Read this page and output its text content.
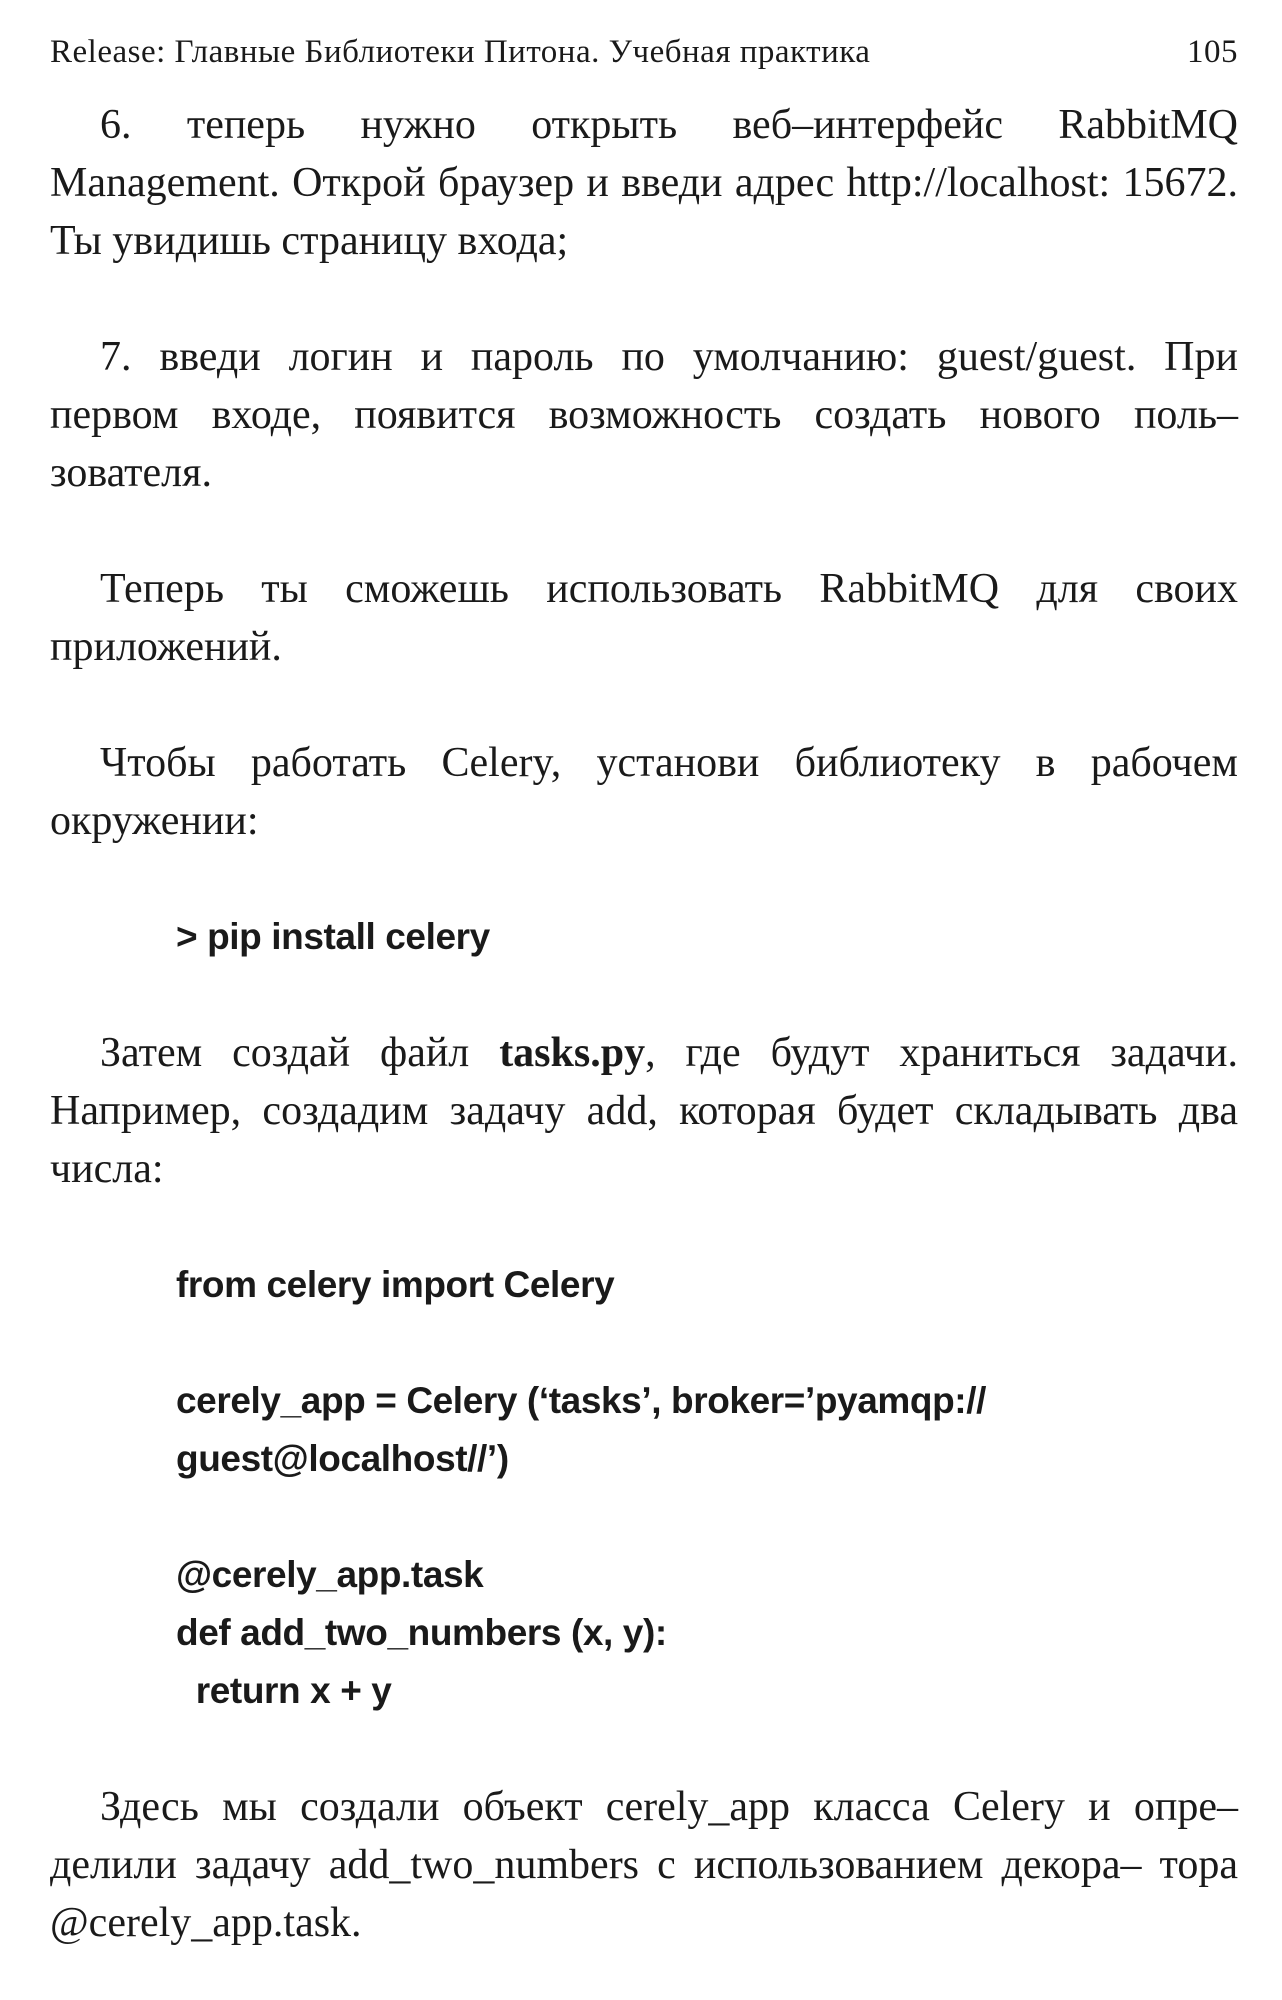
Release: Главные Библиотеки Питона. Учебная практика	105

6. теперь нужно открыть веб–интерфейс RabbitMQ Management. Открой браузер и введи адрес http://localhost: 15672. Ты увидишь страницу входа;

7. введи логин и пароль по умолчанию: guest/guest. При первом входе, появится возможность создать нового поль– зователя.

Теперь ты сможешь использовать RabbitMQ для своих приложений.

Чтобы работать Celery, установи библиотеку в рабочем окружении:

> pip install celery

Затем создай файл tasks.py, где будут храниться задачи. Например, создадим задачу add, которая будет складывать два числа:

from celery import Celery

cerely_app = Celery (‘tasks’, broker=’pyamqp://

guest@localhost//’)

@cerely_app.task

def add_two_numbers (x, y):

return x + y

Здесь мы создали объект cerely_app класса Celery и опре– делили задачу add_two_numbers с использованием декора– тора @cerely_app.task.
